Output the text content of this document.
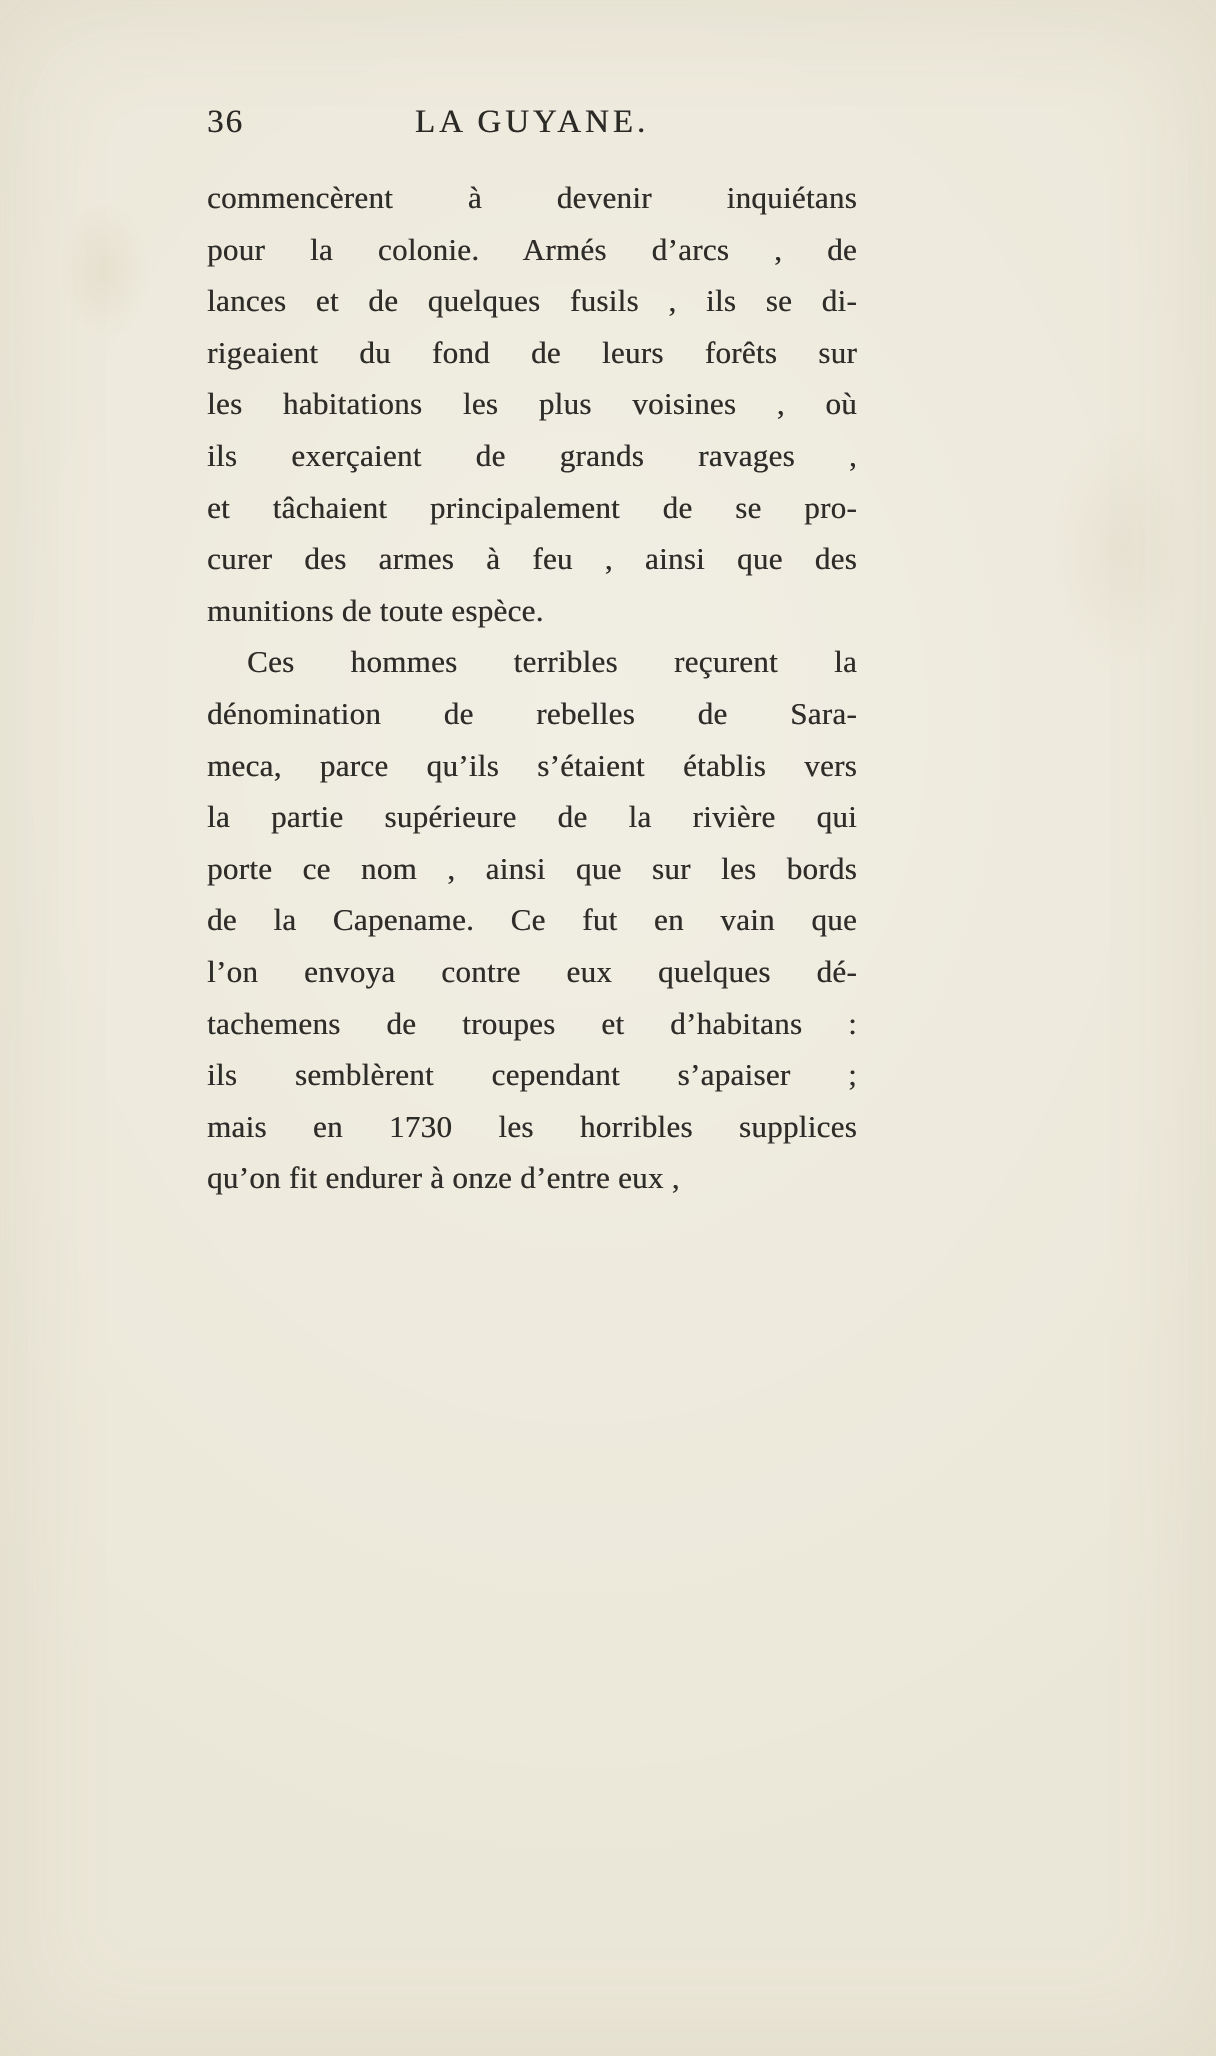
36	LA GUYANE.
commencèrent à devenir inquiétans
pour la colonie. Armés d’arcs , de
lances et de quelques fusils , ils se di-
rigeaient du fond de leurs forêts sur
les habitations les plus voisines , où
ils exerçaient de grands ravages ,
et tâchaient principalement de se pro-
curer des armes à feu , ainsi que des
munitions de toute espèce.
Ces hommes terribles reçurent la
dénomination de rebelles de Sara-
meca, parce qu’ils s’étaient établis vers
la partie supérieure de la rivière qui
porte ce nom , ainsi que sur les bords
de la Capename. Ce fut en vain que
l’on envoya contre eux quelques dé-
tachemens de troupes et d’habitans :
ils semblèrent cependant s’apaiser ;
mais en 1730 les horribles supplices
qu’on fit endurer à onze d’entre eux ,
